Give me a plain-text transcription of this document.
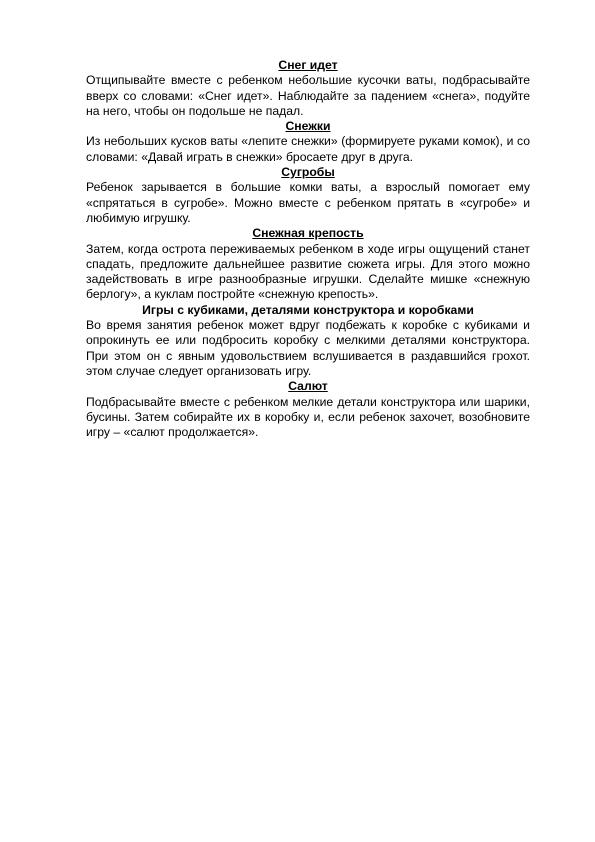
Снег идет
Отщипывайте вместе с ребенком небольшие кусочки ваты, подбрасывайте вверх со словами: «Снег идет». Наблюдайте за падением «снега», подуйте на него, чтобы он подольше не падал.
Снежки
Из небольших кусков ваты «лепите снежки» (формируете руками комок), и со словами: «Давай играть в снежки» бросаете друг в друга.
Сугробы
Ребенок зарывается в большие комки ваты, а взрослый помогает ему «спрятаться в сугробе». Можно вместе с ребенком прятать в «сугробе» и любимую игрушку.
Снежная крепость
Затем, когда острота переживаемых ребенком в ходе игры ощущений станет спадать, предложите дальнейшее развитие сюжета игры. Для этого можно задействовать в игре разнообразные игрушки. Сделайте мишке «снежную берлогу», а куклам постройте «снежную крепость».
Игры с кубиками, деталями конструктора и коробками
Во время занятия ребенок может вдруг подбежать к коробке с кубиками и опрокинуть ее или подбросить коробку с мелкими деталями конструктора. При этом он с явным удовольствием вслушивается в раздавшийся грохот. этом случае следует организовать игру.
Салют
Подбрасывайте вместе с ребенком мелкие детали конструктора или шарики, бусины. Затем собирайте их в коробку и, если ребенок захочет, возобновите игру – «салют продолжается».
